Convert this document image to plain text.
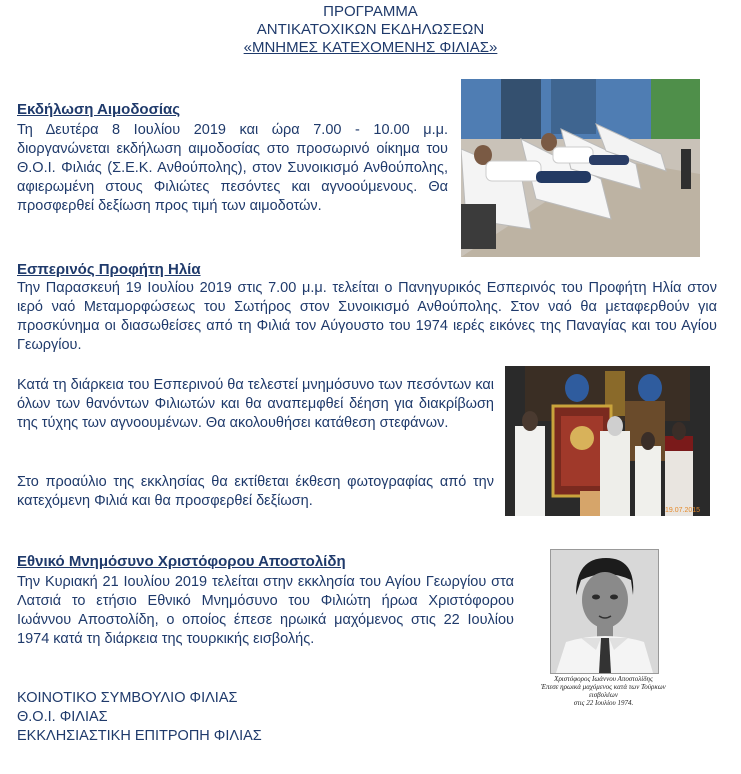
ΠΡΟΓΡΑΜΜΑ
ΑΝΤΙΚΑΤΟΧΙΚΩΝ ΕΚΔΗΛΩΣΕΩΝ
«ΜΝΗΜΕΣ ΚΑΤΕΧΟΜΕΝΗΣ ΦΙΛΙΑΣ»
Εκδήλωση Αιμοδοσίας
Τη Δευτέρα 8 Ιουλίου 2019 και ώρα 7.00 - 10.00 μ.μ. διοργανώνεται εκδήλωση αιμοδοσίας στο προσωρινό οίκημα του Θ.Ο.Ι. Φιλιάς (Σ.Ε.Κ. Ανθούπολης), στον Συνοικισμό Ανθούπολης, αφιερωμένη στους Φιλιώτες πεσόντες και αγνοούμενους. Θα προσφερθεί δεξίωση προς τιμή των αιμοδοτών.
Εσπερινός Προφήτη Ηλία
Την Παρασκευή 19 Ιουλίου 2019 στις 7.00 μ.μ. τελείται ο Πανηγυρικός Εσπερινός του Προφήτη Ηλία στον ιερό ναό Μεταμορφώσεως του Σωτήρος στον Συνοικισμό Ανθούπολης. Στον ναό θα μεταφερθούν για προσκύνημα οι διασωθείσες από τη Φιλιά τον Αύγουστο του 1974 ιερές εικόνες της Παναγίας και του Αγίου Γεωργίου.
Κατά τη διάρκεια του Εσπερινού θα τελεστεί μνημόσυνο των πεσόντων και όλων των θανόντων Φιλιωτών και θα αναπεμφθεί δέηση για διακρίβωση της τύχης των αγνοουμένων. Θα ακολουθήσει κατάθεση στεφάνων.
Στο προαύλιο της εκκλησίας θα εκτίθεται έκθεση φωτογραφίας από την κατεχόμενη Φιλιά και θα προσφερθεί δεξίωση.
19.07.2015
Εθνικό Μνημόσυνο Χριστόφορου Αποστολίδη
Την Κυριακή 21 Ιουλίου 2019 τελείται στην εκκλησία του Αγίου Γεωργίου στα Λατσιά το ετήσιο Εθνικό Μνημόσυνο του Φιλιώτη ήρωα Χριστόφορου Ιωάννου Αποστολίδη, ο οποίος έπεσε ηρωικά μαχόμενος στις 22 Ιουλίου 1974 κατά τη διάρκεια της τουρκικής εισβολής.
Χριστόφορος Ιωάννου Αποστολίδης
Έπεσε ηρωικά μαχόμενος κατά των Τούρκων εισβολέων
στις 22 Ιουλίου 1974.
ΚΟΙΝΟΤΙΚΟ ΣΥΜΒΟΥΛΙΟ ΦΙΛΙΑΣ
Θ.Ο.Ι. ΦΙΛΙΑΣ
ΕΚΚΛΗΣΙΑΣΤΙΚΗ ΕΠΙΤΡΟΠΗ ΦΙΛΙΑΣ
